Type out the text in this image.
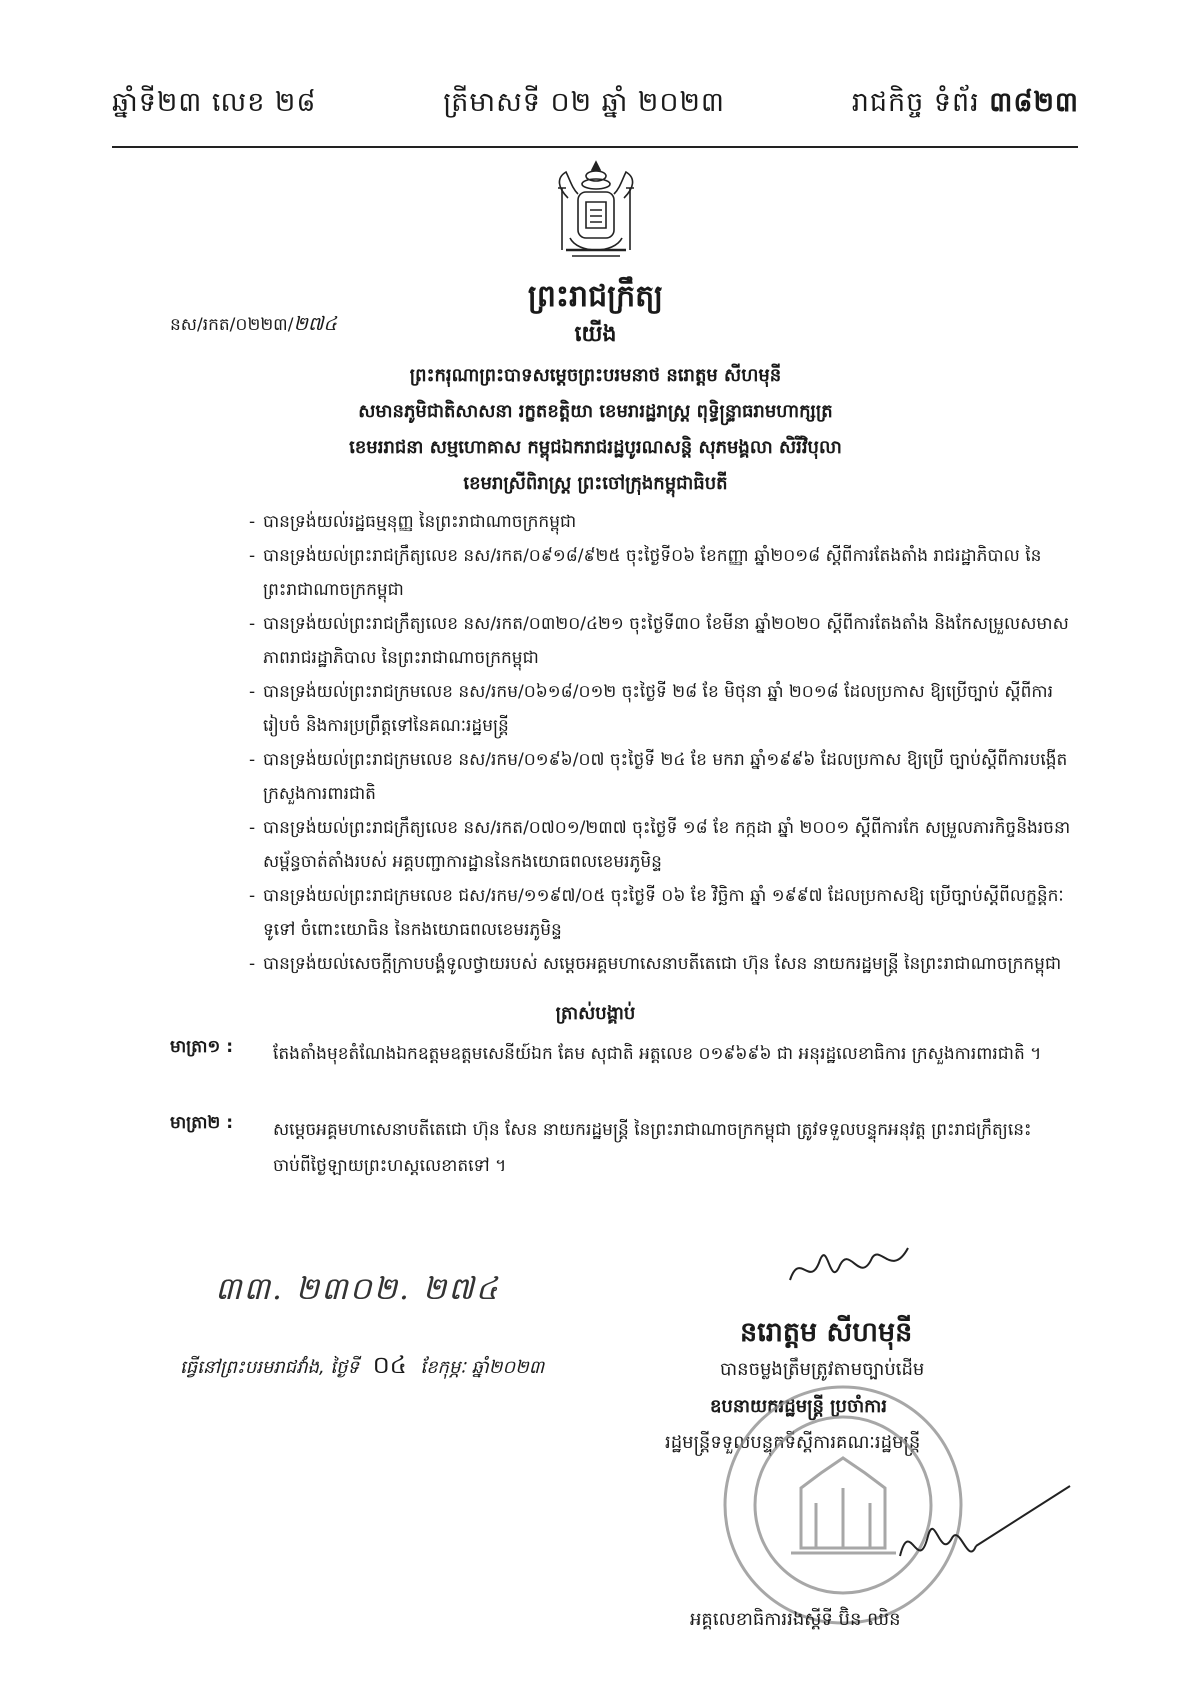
ឆ្នាំទី២៣ លេខ ២៨	ត្រីមាសទី ០២ ឆ្នាំ ២០២៣	រាជកិច្ច ទំព័រ ៣៨២៣
ព្រះរាជក្រឹត្យ
នស/រកត/០២២៣/២៧៤	យើង
ព្រះករុណាព្រះបាទសម្តេចព្រះបរមនាថ នរោត្តម សីហមុនី
សមានភូមិជាតិសាសនា រក្ខតខត្តិយា ខេមរារដ្ឋរាស្ត្រ ពុទ្ធិន្ទ្រាធរាមហាក្សត្រ
ខេមររាជនា សម្មហោគាស កម្ពុជឯករាជរដ្ឋបូរណសន្តិ សុភមង្គលា សិរីវិបុលា
ខេមរាស្រីពិរាស្ត្រ ព្រះចៅក្រុងកម្ពុជាធិបតី
- បានទ្រង់យល់រដ្ឋធម្មនុញ្ញ នៃព្រះរាជាណាចក្រកម្ពុជា
- បានទ្រង់យល់ព្រះរាជក្រឹត្យលេខ នស/រកត/០៩១៨/៩២៥ ចុះថ្ងៃទី០៦ ខែកញ្ញា ឆ្នាំ២០១៨ ស្តីពីការតែងតាំង រាជរដ្ឋាភិបាល នៃព្រះរាជាណាចក្រកម្ពុជា
- បានទ្រង់យល់ព្រះរាជក្រឹត្យលេខ នស/រកត/០៣២០/៤២១ ចុះថ្ងៃទី៣០ ខែមីនា ឆ្នាំ២០២០ ស្តីពីការតែងតាំង និងកែសម្រួលសមាសភាពរាជរដ្ឋាភិបាល នៃព្រះរាជាណាចក្រកម្ពុជា
- បានទ្រង់យល់ព្រះរាជក្រមលេខ នស/រកម/០៦១៨/០១២ ចុះថ្ងៃទី ២៨ ខែ មិថុនា ឆ្នាំ ២០១៨ ដែលប្រកាស ឱ្យប្រើច្បាប់ ស្តីពីការរៀបចំ និងការប្រព្រឹត្តទៅនៃគណៈរដ្ឋមន្ត្រី
- បានទ្រង់យល់ព្រះរាជក្រមលេខ នស/រកម/០១៩៦/០៧ ចុះថ្ងៃទី ២៤ ខែ មករា ឆ្នាំ១៩៩៦ ដែលប្រកាស ឱ្យប្រើ ច្បាប់ស្តីពីការបង្កើត ក្រសួងការពារជាតិ
- បានទ្រង់យល់ព្រះរាជក្រឹត្យលេខ នស/រកត/០៧០១/២៣៧ ចុះថ្ងៃទី ១៨ ខែ កក្កដា ឆ្នាំ ២០០១ ស្តីពីការកែ សម្រួលភារកិច្ចនិងរចនាសម្ព័ន្ធចាត់តាំងរបស់ អគ្គបញ្ជាការដ្ឋាននៃកងយោធពលខេមរភូមិន្ទ
- បានទ្រង់យល់ព្រះរាជក្រមលេខ ជស/រកម/១១៩៧/០៥ ចុះថ្ងៃទី ០៦ ខែ វិច្ឆិកា ឆ្នាំ ១៩៩៧ ដែលប្រកាសឱ្យ ប្រើច្បាប់ស្តីពីលក្ខន្តិកៈទូទៅ ចំពោះយោធិន នៃកងយោធពលខេមរភូមិន្ទ
- បានទ្រង់យល់សេចក្តីក្រាបបង្គំទូលថ្វាយរបស់ សម្តេចអគ្គមហាសេនាបតីតេជោ ហ៊ុន សែន នាយករដ្ឋមន្ត្រី នៃព្រះរាជាណាចក្រកម្ពុជា
ត្រាស់បង្គាប់
មាត្រា១ :	តែងតាំងមុខតំណែងឯកឧត្តមឧត្តមសេនីយ៍ឯក គែម សុជាតិ អត្តលេខ ០១៩៦៩៦ ជា អនុរដ្ឋលេខាធិការ ក្រសួងការពារជាតិ ។
មាត្រា២ :	សម្តេចអគ្គមហាសេនាបតីតេជោ ហ៊ុន សែន នាយករដ្ឋមន្ត្រី នៃព្រះរាជាណាចក្រកម្ពុជា ត្រូវទទួលបន្ទុកអនុវត្ត ព្រះរាជក្រឹត្យនេះ ចាប់ពីថ្ងៃឡាយព្រះហស្តលេខាតទៅ ។
៣៣. ២៣០២. ២៧៤
ធ្វើនៅព្រះបរមរាជវាំង, ថ្ងៃទី ០៤ ខែកុម្ភៈ ឆ្នាំ២០២៣
នរោត្តម សីហមុនី
បានចម្លងត្រឹមត្រូវតាមច្បាប់ដើម
ឧបនាយករដ្ឋមន្ត្រី ប្រចាំការ
រដ្ឋមន្ត្រីទទួលបន្ទុកទីស្តីការគណៈរដ្ឋមន្ត្រី
អគ្គលេខាធិការរងស្តីទី ប៊ិន ឈិន
